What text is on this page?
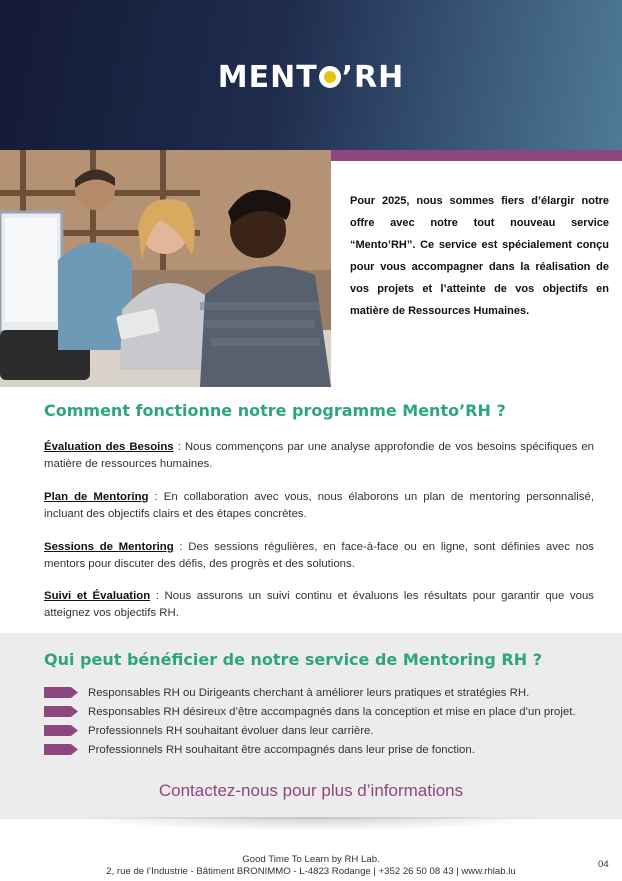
MENT ’RH

Pour 2025, nous sommes fiers d’élargir notre offre avec notre tout nouveau service “Mento’RH”. Ce service est spécialement conçu pour vous accompagner dans la réalisation de vos projets et l’atteinte de vos objectifs en matière de Ressources Humaines.

Comment fonctionne notre programme Mento’RH ?

Évaluation des Besoins : Nous commençons par une analyse approfondie de vos besoins spécifiques en matière de ressources humaines.

Plan de Mentoring : En collaboration avec vous, nous élaborons un plan de mentoring personnalisé, incluant des objectifs clairs et des étapes concrètes.

Sessions de Mentoring : Des sessions régulières, en face-à-face ou en ligne, sont définies avec nos mentors pour discuter des défis, des progrès et des solutions.

Suivi et Évaluation : Nous assurons un suivi continu et évaluons les résultats pour garantir que vous atteignez vos objectifs RH.

Qui peut bénéficier de notre service de Mentoring RH ?
Responsables RH ou Dirigeants cherchant à améliorer leurs pratiques et stratégies RH.
Responsables RH désireux d’être accompagnés dans la conception et mise en place d’un projet.
Professionnels RH souhaitant évoluer dans leur carrière.
Professionnels RH souhaitant être accompagnés dans leur prise de fonction.
Contactez-nous pour plus d’informations
Good Time To Learn by RH Lab.
2, rue de l’Industrie - Bâtiment BRONIMMO - L-4823 Rodange | +352 26 50 08 43 | www.rhlab.lu
04
